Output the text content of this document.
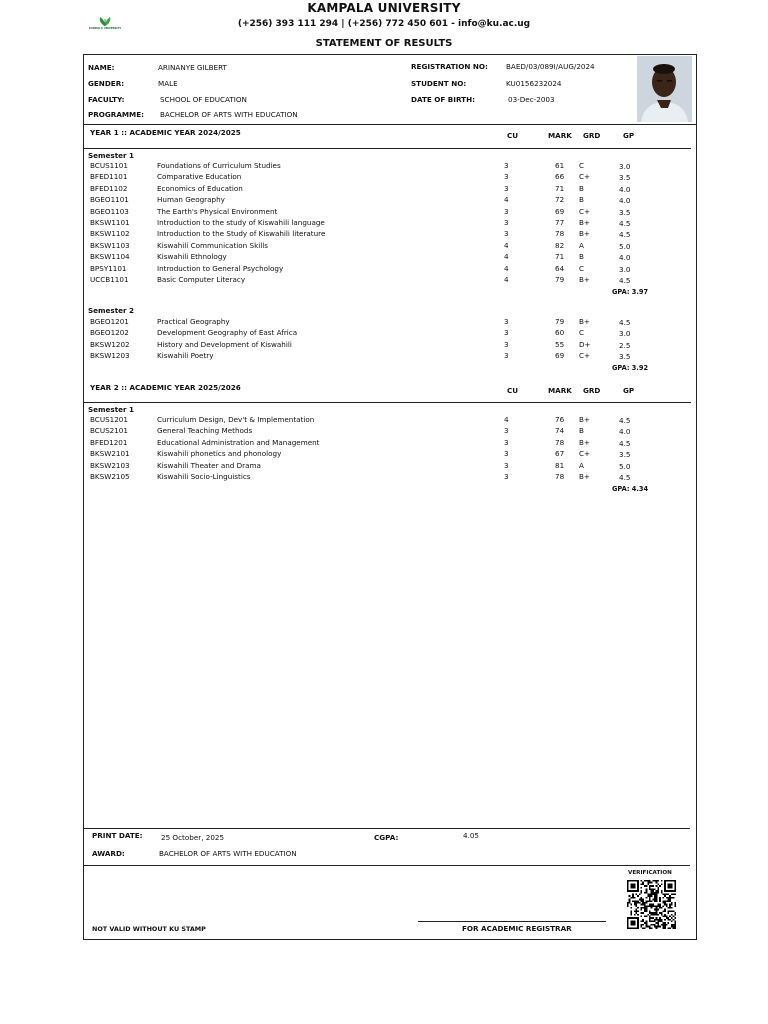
KAMPALA UNIVERSITY
KAMPALA UNIVERSITY
(+256) 393 111 294 | (+256) 772 450 601 - info@ku.ac.ug
STATEMENT OF RESULTS
NAME:	ARINANYE GILBERT
GENDER:	MALE
FACULTY:	SCHOOL OF EDUCATION
PROGRAMME: BACHELOR OF ARTS WITH EDUCATION
REGISTRATION NO:	BAED/03/089I/AUG/2024
STUDENT NO:	KU0156232024
DATE OF BIRTH:	03-Dec-2003
YEAR 1 :: ACADEMIC YEAR 2024/2025	CU	MARK GRD	GP
Semester 1
BCUS1101	Foundations of Curriculum Studies	3	61 C	3.0
BFED1101	Comparative Education	3	66 C+	3.5
BFED1102	Economics of Education	3	71 B	4.0
BGEO1101	Human Geography	4	72 B	4.0
BGEO1103	The Earth's Physical Environment	3	69 C+	3.5
BKSW1101	Introduction to the study of Kiswahili language	3	77 B+	4.5
BKSW1102	Introduction to the Study of Kiswahili literature	3	78 B+	4.5
BKSW1103	Kiswahili Communication Skills	4	82 A	5.0
BKSW1104	Kiswahili Ethnology	4	71 B	4.0
BPSY1101	Introduction to General Psychology	4	64 C	3.0
UCCB1101	Basic Computer Literacy	4	79 B+	4.5
GPA: 3.97
Semester 2
BGEO1201	Practical Geography	3	79 B+	4.5
BGEO1202	Development Geography of East Africa	3	60 C	3.0
BKSW1202	History and Development of Kiswahili	3	55 D+	2.5
BKSW1203	Kiswahili Poetry	3	69 C+	3.5
GPA: 3.92
YEAR 2 :: ACADEMIC YEAR 2025/2026	CU	MARK GRD	GP
Semester 1
BCUS1201	Curriculum Design, Dev't & Implementation	4	76 B+	4.5
BCUS2101	General Teaching Methods	3	74 B	4.0
BFED1201	Educational Administration and Management	3	78 B+	4.5
BKSW2101	Kiswahili phonetics and phonology	3	67 C+	3.5
BKSW2103	Kiswahili Theater and Drama	3	81 A	5.0
BKSW2105	Kiswahili Socio-Linguistics	3	78 B+	4.5
GPA: 4.34
PRINT DATE:	25 October, 2025	CGPA:	4.05
AWARD:	BACHELOR OF ARTS WITH EDUCATION
VERIFICATION
NOT VALID WITHOUT KU STAMP	FOR ACADEMIC REGISTRAR
